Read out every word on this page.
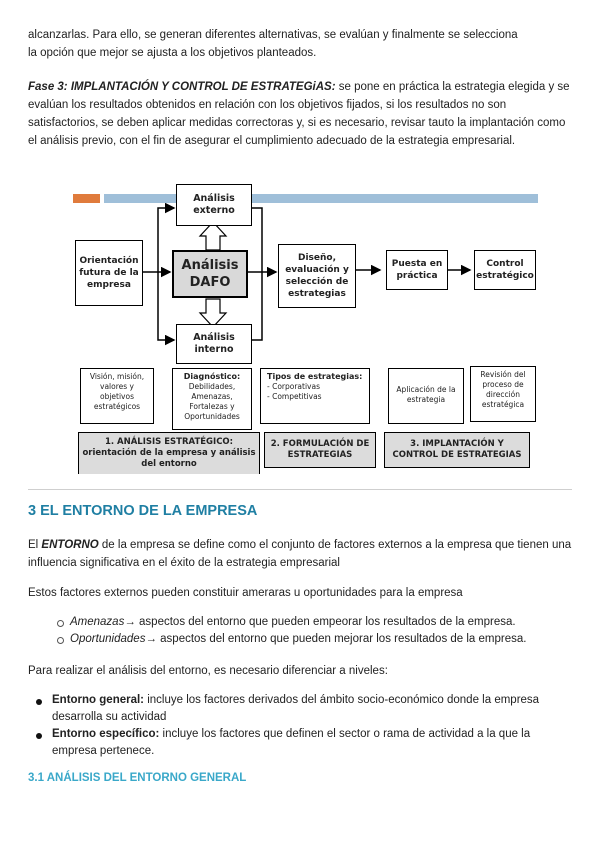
alcanzarlas. Para ello, se generan diferentes alternativas, se evalúan y finalmente se selecciona
la opción que mejor se ajusta a los objetivos planteados.

Fase 3: IMPLANTACIÓN Y CONTROL DE ESTRATEGiAS: se pone en práctica la estrategia elegida y se evalúan los resultados obtenidos en relación con los objetivos fijados, si los resultados no son satisfactorios, se deben aplicar medidas correctoras y, si es necesario, revisar tauto la implantación como el análisis previo, con el fin de asegurar el cumplimiento adecuado de la estrategia empresarial.

Análisis externo
Análisis interno
Análisis
DAFO
Orientación futura de la empresa
Diseño, evaluación y selección de estrategias
Puesta en práctica
Control estratégico
Visión, misión, valores y objetivos estratégicos
Diagnóstico:
Debilidades, Amenazas, Fortalezas y Oportunidades
Tipos de estrategias:
- Corporativas
- Competitivas
Aplicación de la estrategia
Revisión del proceso de dirección estratégica
1. ANÁLISIS ESTRATÉGICO: orientación de la empresa y análisis del entorno
2. FORMULACIÓN DE ESTRATEGIAS
3. IMPLANTACIÓN Y CONTROL DE ESTRATEGIAS
3 EL ENTORNO DE LA EMPRESA

El ENTORNO de la empresa se define como el conjunto de factores externos a la empresa que tienen una influencia significativa en el éxito de la estrategia empresarial

Estos factores externos pueden constituir ameraras u oportunidades para la empresa

Amenazas→ aspectos del entorno que pueden empeorar los resultados de la empresa.
Oportunidades→ aspectos del entorno que pueden mejorar los resultados de la empresa.

Para realizar el análisis del entorno, es necesario diferenciar a niveles:

Entorno general: incluye los factores derivados del ámbito socio-económico donde la empresa desarrolla su actividad
Entorno específico: incluye los factores que definen el sector o rama de actividad a la que la empresa pertenece.
3.1 ANÁLISIS DEL ENTORNO GENERAL
